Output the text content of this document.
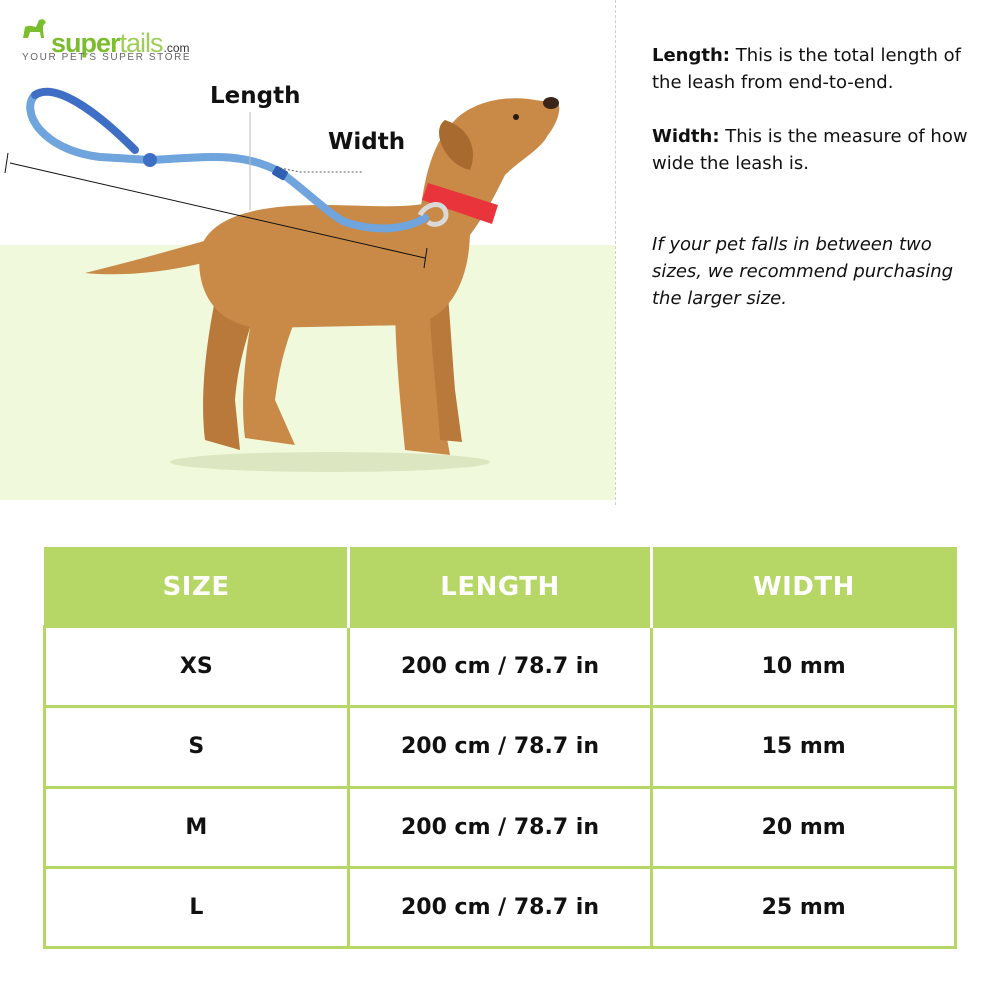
supertails.com
YOUR PET'S SUPER STORE
Length
Width

Length: This is the total length of the leash from end-to-end.

Width: This is the measure of how wide the leash is.

If your pet falls in between two sizes, we recommend purchasing the larger size.

SIZE	LENGTH	WIDTH
XS	200 cm / 78.7 in	10 mm
S	200 cm / 78.7 in	15 mm
M	200 cm / 78.7 in	20 mm
L	200 cm / 78.7 in	25 mm
